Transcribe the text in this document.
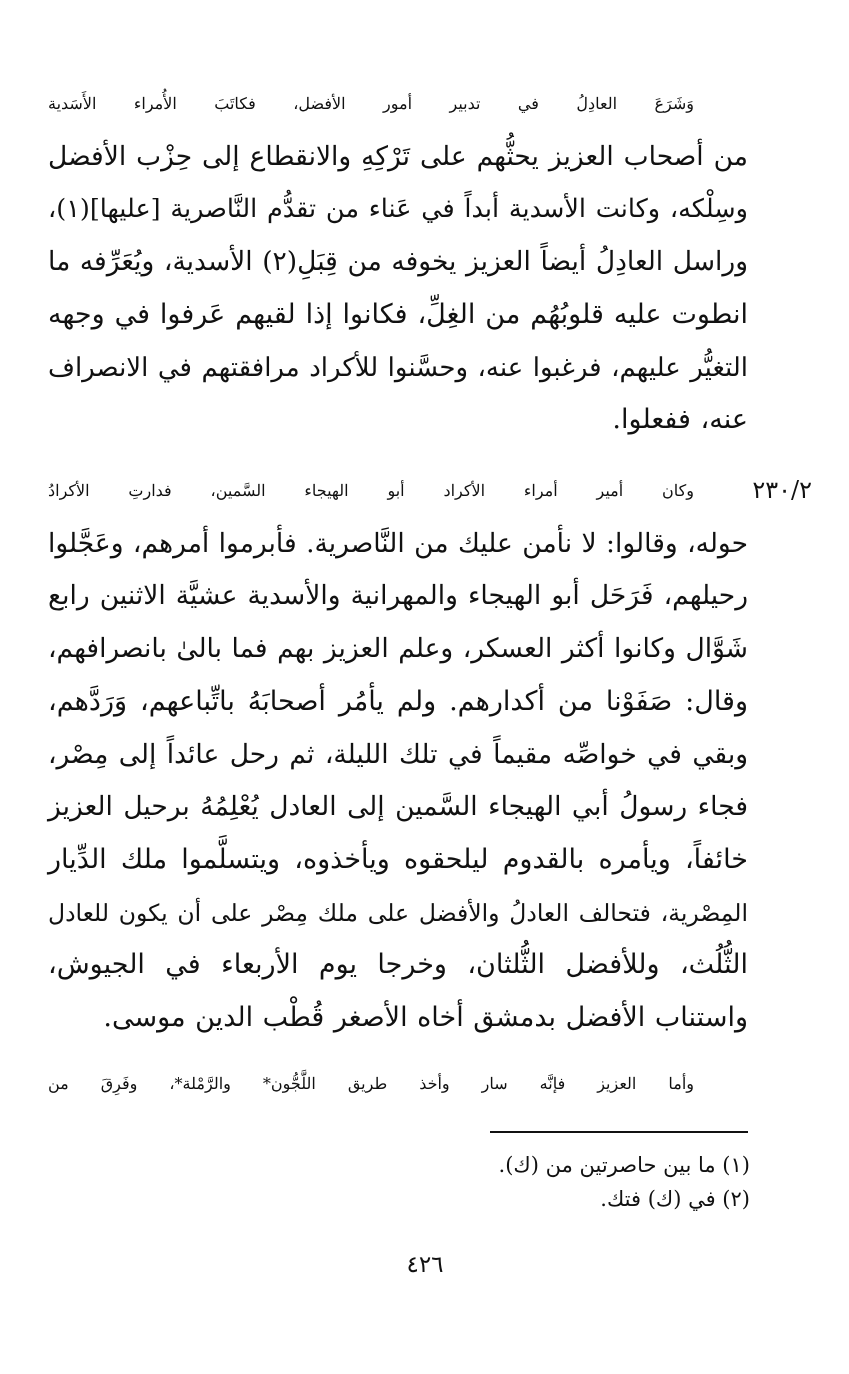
وَشَرَعَ العادِلُ في تدبير أمور الأفضل، فكاتَبَ الأُمراء الأَسَدية
من أصحاب العزيز يحثُّهم على تَرْكِهِ والانقطاع إلى حِزْب الأفضل
وسِلْكه، وكانت الأسدية أبداً في عَناء من تقدُّم النَّاصرية [عليها](١)،
وراسل العادِلُ أيضاً العزيز يخوفه من قِبَلِ(٢) الأسدية، ويُعَرِّفه ما
انطوت عليه قلوبُهُم من الغِلِّ، فكانوا إذا لقيهم عَرفوا في وجهه
التغيُّر عليهم، فرغبوا عنه، وحسَّنوا للأكراد مرافقتهم في الانصراف
عنه، ففعلوا.
٢٣٠/٢
وكان أمير أمراء الأكراد أبو الهيجاء السَّمين، فدارتِ الأكرادُ
حوله، وقالوا: لا نأمن عليك من النَّاصرية. فأبرموا أمرهم، وعَجَّلوا
رحيلهم، فَرَحَل أبو الهيجاء والمهرانية والأسدية عشيَّة الاثنين رابع
شَوَّال وكانوا أكثر العسكر، وعلم العزيز بهم فما بالىٰ بانصرافهم،
وقال: صَفَوْنا من أكدارهم. ولم يأمُر أصحابَهُ باتِّباعهم، وَرَدَّهم،
وبقي في خواصِّه مقيماً في تلك الليلة، ثم رحل عائداً إلى مِصْر،
فجاء رسولُ أبي الهيجاء السَّمين إلى العادل يُعْلِمُهُ برحيل العزيز
خائفاً، ويأمره بالقدوم ليلحقوه ويأخذوه، ويتسلَّموا ملك الدِّيار
المِصْرية، فتحالف العادلُ والأفضل على ملك مِصْر على أن يكون للعادل
الثُّلُث، وللأفضل الثُّلثان، وخرجا يوم الأربعاء في الجيوش،
واستناب الأفضل بدمشق أخاه الأصغر قُطْب الدين موسى.
وأما العزيز فإنَّه سار وأخذ طريق اللَّجُّون* والرَّمْلة*، وفَرِقَ من
(١) ما بين حاصرتين من (ك).
(٢) في (ك) فتك.
٤٢٦
